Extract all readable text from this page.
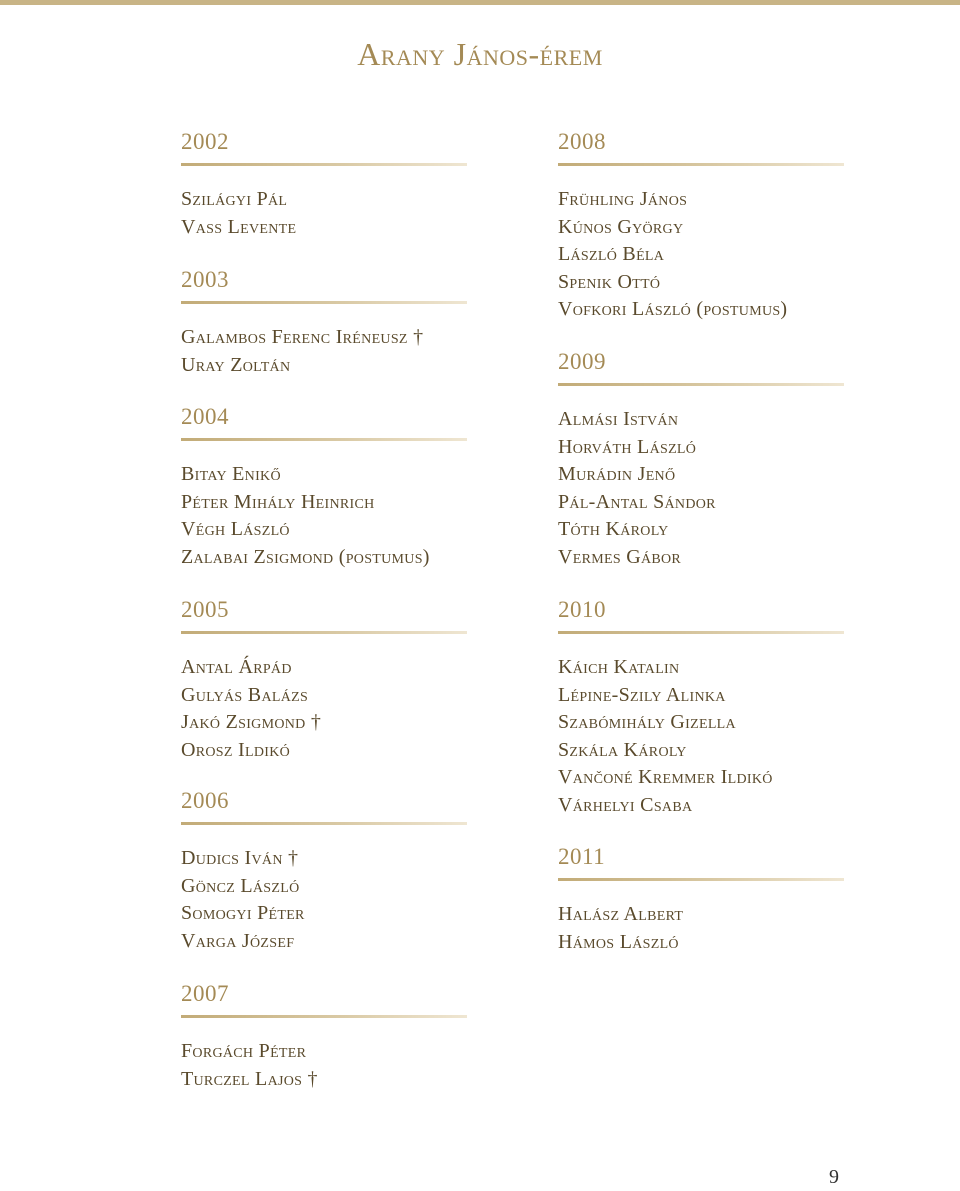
Arany János-érem
2002
Szilágyi Pál
Vass Levente
2003
Galambos Ferenc Iréneusz †
Uray Zoltán
2004
Bitay Enikő
Péter Mihály Heinrich
Végh László
Zalabai Zsigmond (postumus)
2005
Antal Árpád
Gulyás Balázs
Jakó Zsigmond †
Orosz Ildikó
2006
Dudics Iván †
Göncz László
Somogyi Péter
Varga József
2007
Forgách Péter
Turczel Lajos †
2008
Frühling János
Kúnos György
László Béla
Spenik Ottó
Vofkori László (postumus)
2009
Almási István
Horváth László
Murádin Jenő
Pál-Antal Sándor
Tóth Károly
Vermes Gábor
2010
Káich Katalin
Lépine-Szily Alinka
Szabómihály Gizella
Szkála Károly
Vančoné Kremmer Ildikó
Várhelyi Csaba
2011
Halász Albert
Hámos László
9
